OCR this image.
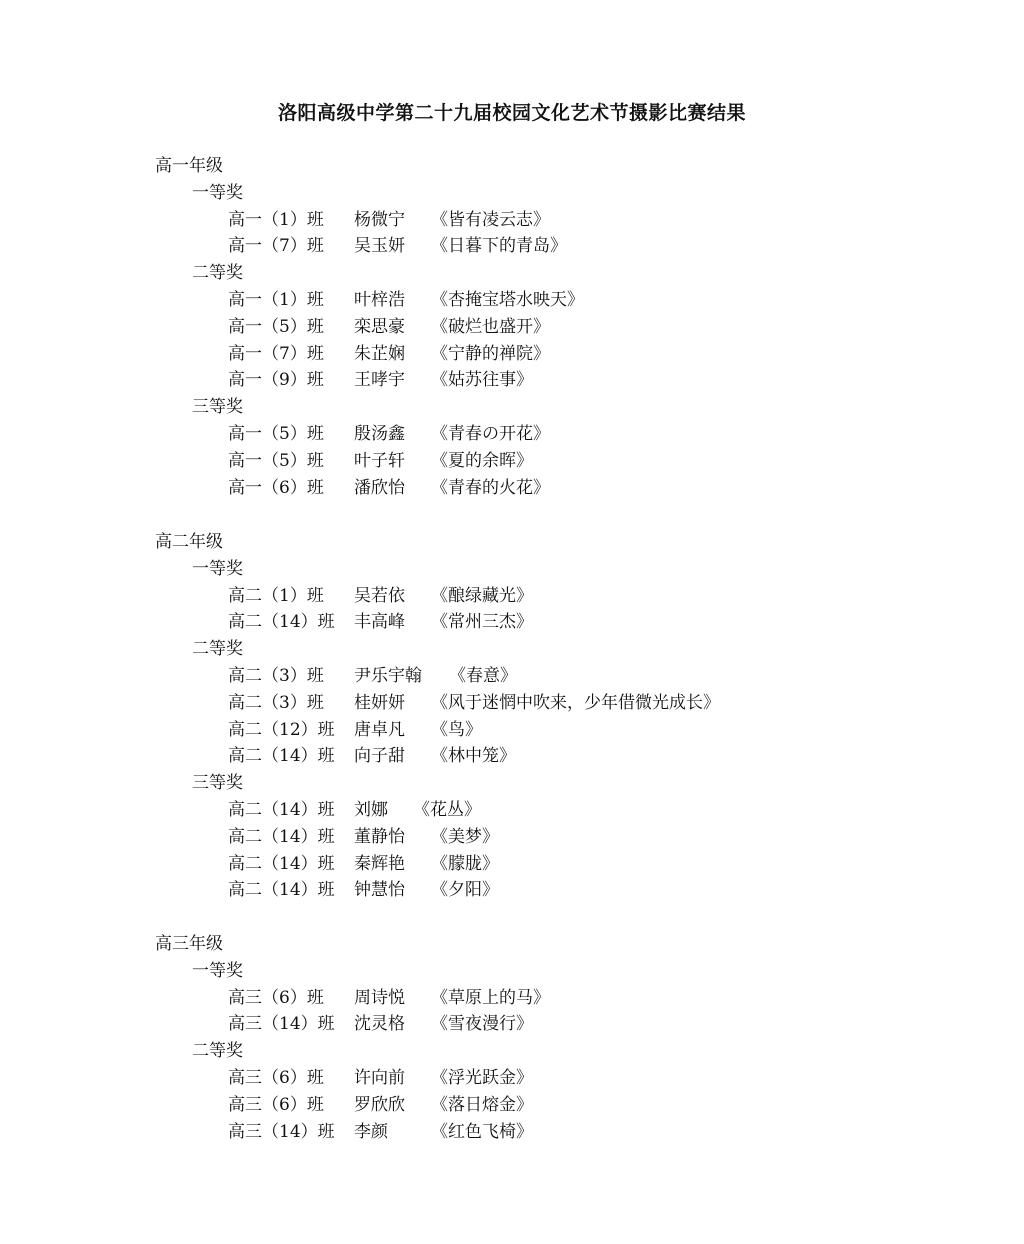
洛阳高级中学第二十九届校园文化艺术节摄影比赛结果
高一年级
一等奖
高一（1）班 杨微宁 《皆有凌云志》
高一（7）班 吴玉妍 《日暮下的青岛》
二等奖
高一（1）班 叶梓浩 《杏掩宝塔水映天》
高一（5）班 栾思豪 《破烂也盛开》
高一（7）班 朱芷娴 《宁静的禅院》
高一（9）班 王哮宇 《姑苏往事》
三等奖
高一（5）班 殷汤鑫 《青春の开花》
高一（5）班 叶子轩 《夏的余晖》
高一（6）班 潘欣怡 《青春的火花》
高二年级
一等奖
高二（1）班 吴若依 《酿绿藏光》
高二（14）班 丰高峰 《常州三杰》
二等奖
高二（3）班 尹乐宇翰 《春意》
高二（3）班 桂妍妍 《风于迷惘中吹来，少年借微光成长》
高二（12）班 唐卓凡 《鸟》
高二（14）班 向子甜 《林中笼》
三等奖
高二（14）班 刘娜 《花丛》
高二（14）班 董静怡 《美梦》
高二（14）班 秦辉艳 《朦胧》
高二（14）班 钟慧怡 《夕阳》
高三年级
一等奖
高三（6）班 周诗悦 《草原上的马》
高三（14）班 沈灵格 《雪夜漫行》
二等奖
高三（6）班 许向前 《浮光跃金》
高三（6）班 罗欣欣 《落日熔金》
高三（14）班 李颜	《红色飞椅》
